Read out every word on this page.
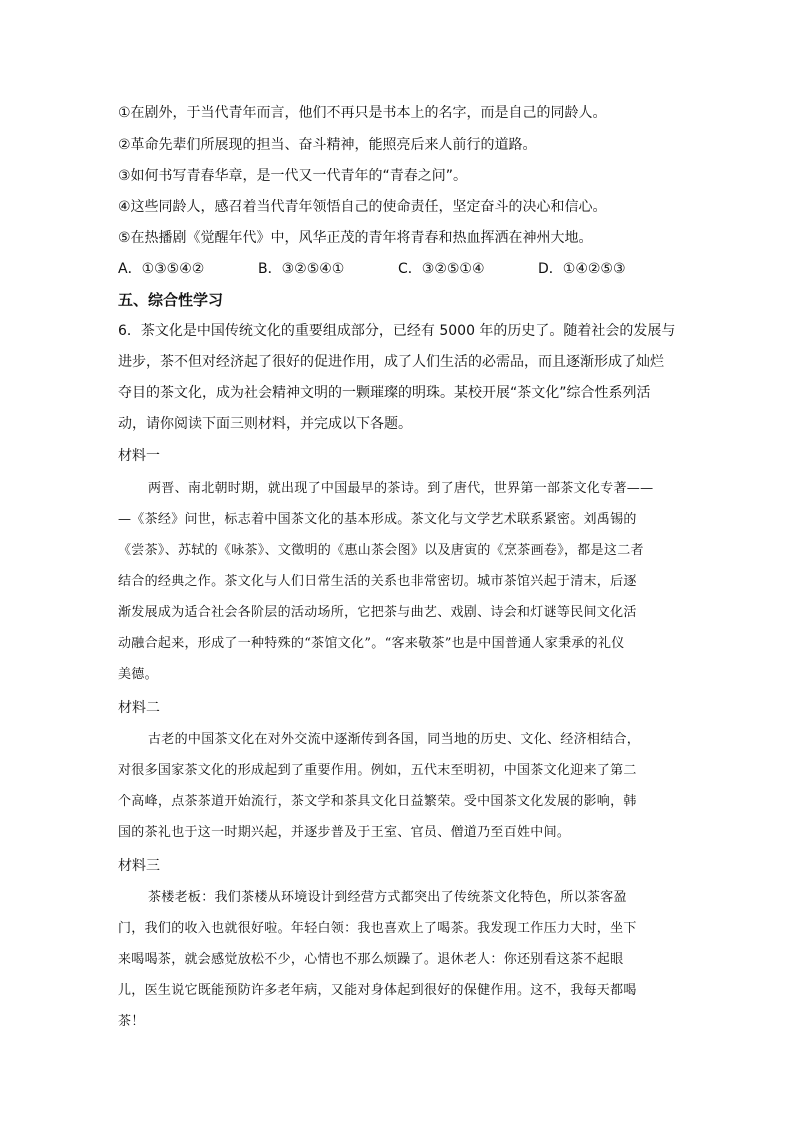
①在剧外，于当代青年而言，他们不再只是书本上的名字，而是自己的同龄人。
②革命先辈们所展现的担当、奋斗精神，能照亮后来人前行的道路。
③如何书写青春华章，是一代又一代青年的“青春之问”。
④这些同龄人，感召着当代青年领悟自己的使命责任，坚定奋斗的决心和信心。
⑤在热播剧《觉醒年代》中，风华正茂的青年将青春和热血挥洒在神州大地。
A．①③⑤④②	B．③②⑤④①	C．③②⑤①④	D．①④②⑤③
五、综合性学习
6．茶文化是中国传统文化的重要组成部分，已经有 5000 年的历史了。随着社会的发展与
进步，茶不但对经济起了很好的促进作用，成了人们生活的必需品，而且逐渐形成了灿烂
夺目的茶文化，成为社会精神文明的一颗璀璨的明珠。某校开展“茶文化”综合性系列活
动，请你阅读下面三则材料，并完成以下各题。
材料一
两晋、南北朝时期，就出现了中国最早的茶诗。到了唐代，世界第一部茶文化专著——
—《茶经》问世，标志着中国茶文化的基本形成。茶文化与文学艺术联系紧密。刘禹锡的
《尝茶》、苏轼的《咏茶》、文徵明的《惠山茶会图》以及唐寅的《烹茶画卷》，都是这二者
结合的经典之作。茶文化与人们日常生活的关系也非常密切。城市茶馆兴起于清末，后逐
渐发展成为适合社会各阶层的活动场所，它把茶与曲艺、戏剧、诗会和灯谜等民间文化活
动融合起来，形成了一种特殊的“茶馆文化”。“客来敬茶”也是中国普通人家秉承的礼仪
美德。
材料二
古老的中国茶文化在对外交流中逐渐传到各国，同当地的历史、文化、经济相结合，
对很多国家茶文化的形成起到了重要作用。例如，五代末至明初，中国茶文化迎来了第二
个高峰，点茶茶道开始流行，茶文学和茶具文化日益繁荣。受中国茶文化发展的影响，韩
国的茶礼也于这一时期兴起，并逐步普及于王室、官员、僧道乃至百姓中间。
材料三
茶楼老板：我们茶楼从环境设计到经营方式都突出了传统茶文化特色，所以茶客盈
门，我们的收入也就很好啦。年轻白领：我也喜欢上了喝茶。我发现工作压力大时，坐下
来喝喝茶，就会感觉放松不少，心情也不那么烦躁了。退休老人：你还别看这茶不起眼
儿，医生说它既能预防许多老年病，又能对身体起到很好的保健作用。这不，我每天都喝
茶！
